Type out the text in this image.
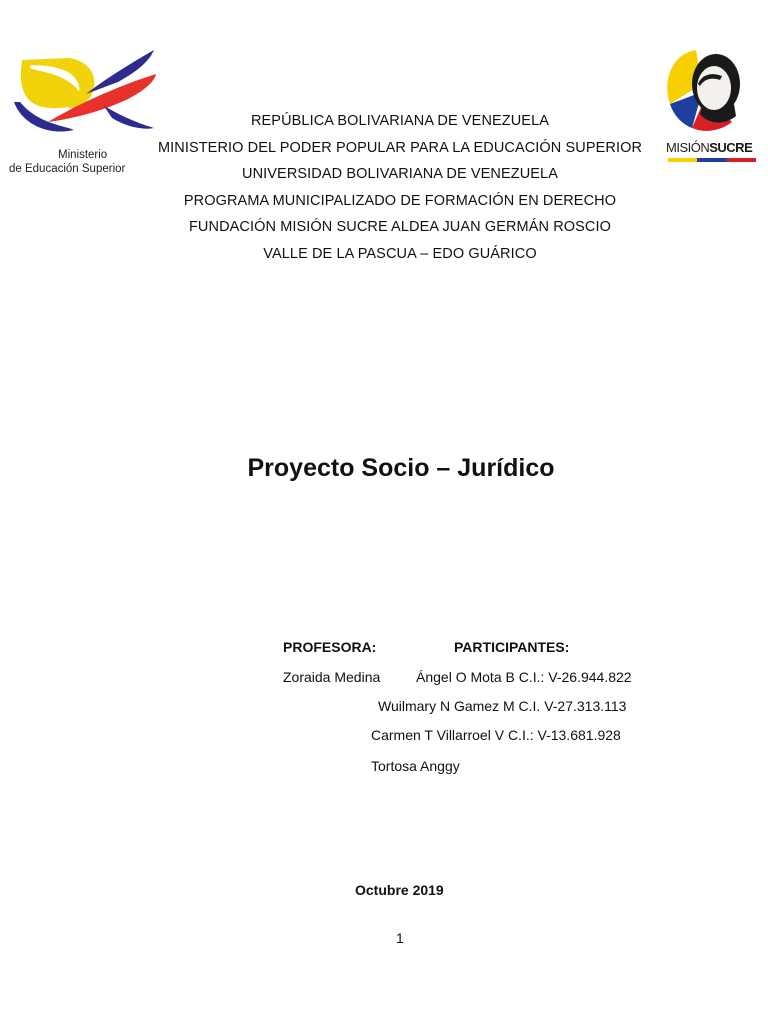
Ministerio
de Educación Superior
MISIÓNSUCRE
REPÚBLICA BOLIVARIANA DE VENEZUELA
MINISTERIO DEL PODER POPULAR PARA LA EDUCACIÓN SUPERIOR
UNIVERSIDAD BOLIVARIANA DE VENEZUELA
PROGRAMA MUNICIPALIZADO DE FORMACIÓN EN DERECHO
FUNDACIÓN MISIÓN SUCRE ALDEA JUAN GERMÁN ROSCIO
VALLE DE LA PASCUA – EDO GUÁRICO
Proyecto Socio – Jurídico
PROFESORA:	PARTICIPANTES:
Zoraida Medina	Ángel O Mota B C.I.: V-26.944.822
Wuilmary N Gamez M C.I. V-27.313.113
Carmen T Villarroel V C.I.: V-13.681.928
Tortosa Anggy
Octubre 2019
1
